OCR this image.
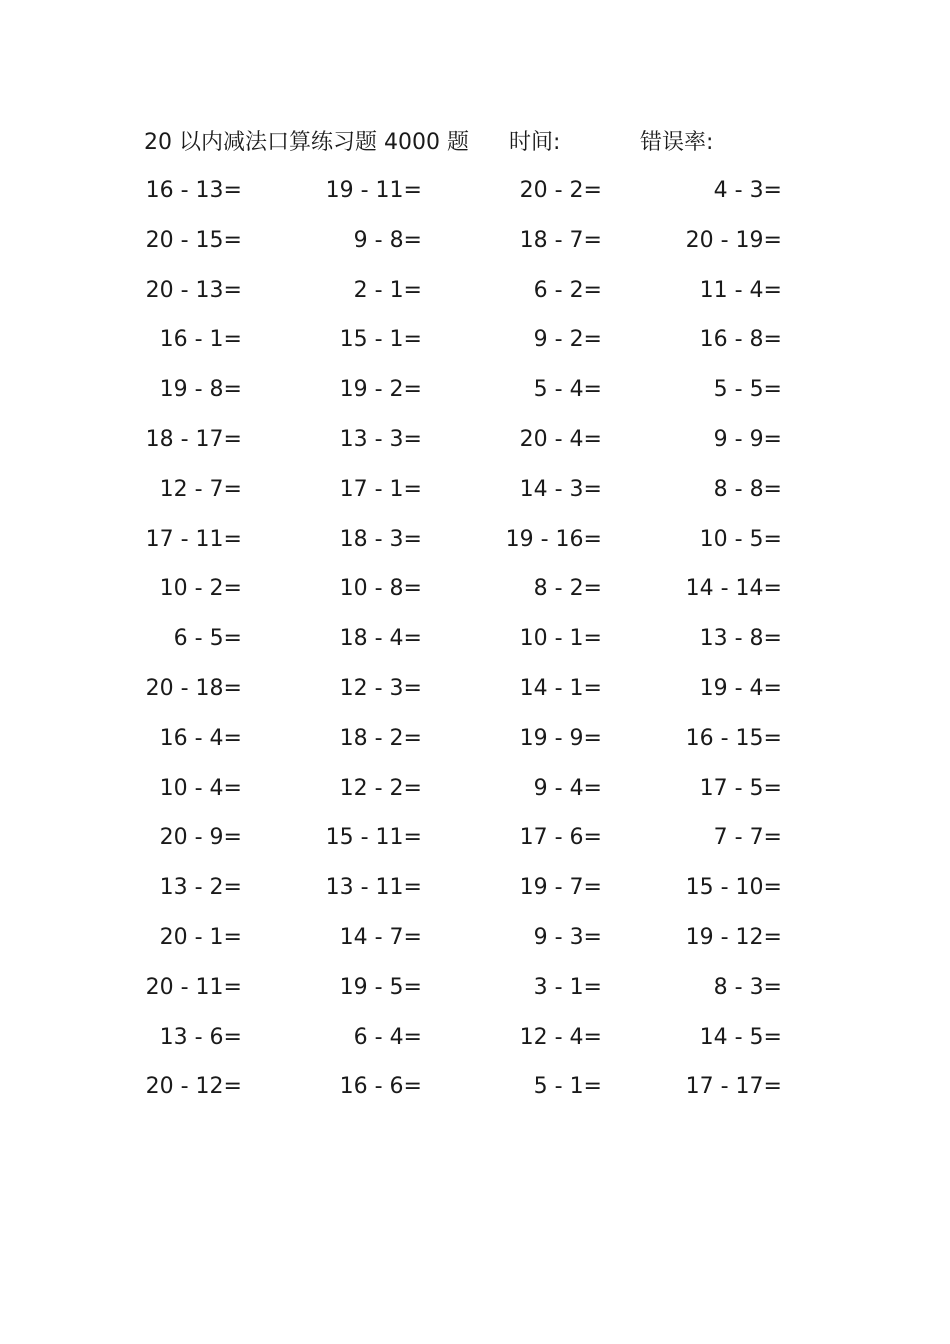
20 以内减法口算练习题 4000 题 时间:	错误率:
16 - 13=	19 - 11=	20 - 2=	4 - 3=
20 - 15=	9 - 8=	18 - 7=	20 - 19=
20 - 13=	2 - 1=	6 - 2=	11 - 4=
16 - 1=	15 - 1=	9 - 2=	16 - 8=
19 - 8=	19 - 2=	5 - 4=	5 - 5=
18 - 17=	13 - 3=	20 - 4=	9 - 9=
12 - 7=	17 - 1=	14 - 3=	8 - 8=
17 - 11=	18 - 3=	19 - 16=	10 - 5=
10 - 2=	10 - 8=	8 - 2=	14 - 14=
6 - 5=	18 - 4=	10 - 1=	13 - 8=
20 - 18=	12 - 3=	14 - 1=	19 - 4=
16 - 4=	18 - 2=	19 - 9=	16 - 15=
10 - 4=	12 - 2=	9 - 4=	17 - 5=
20 - 9=	15 - 11=	17 - 6=	7 - 7=
13 - 2=	13 - 11=	19 - 7=	15 - 10=
20 - 1=	14 - 7=	9 - 3=	19 - 12=
20 - 11=	19 - 5=	3 - 1=	8 - 3=
13 - 6=	6 - 4=	12 - 4=	14 - 5=
20 - 12=	16 - 6=	5 - 1=	17 - 17=
